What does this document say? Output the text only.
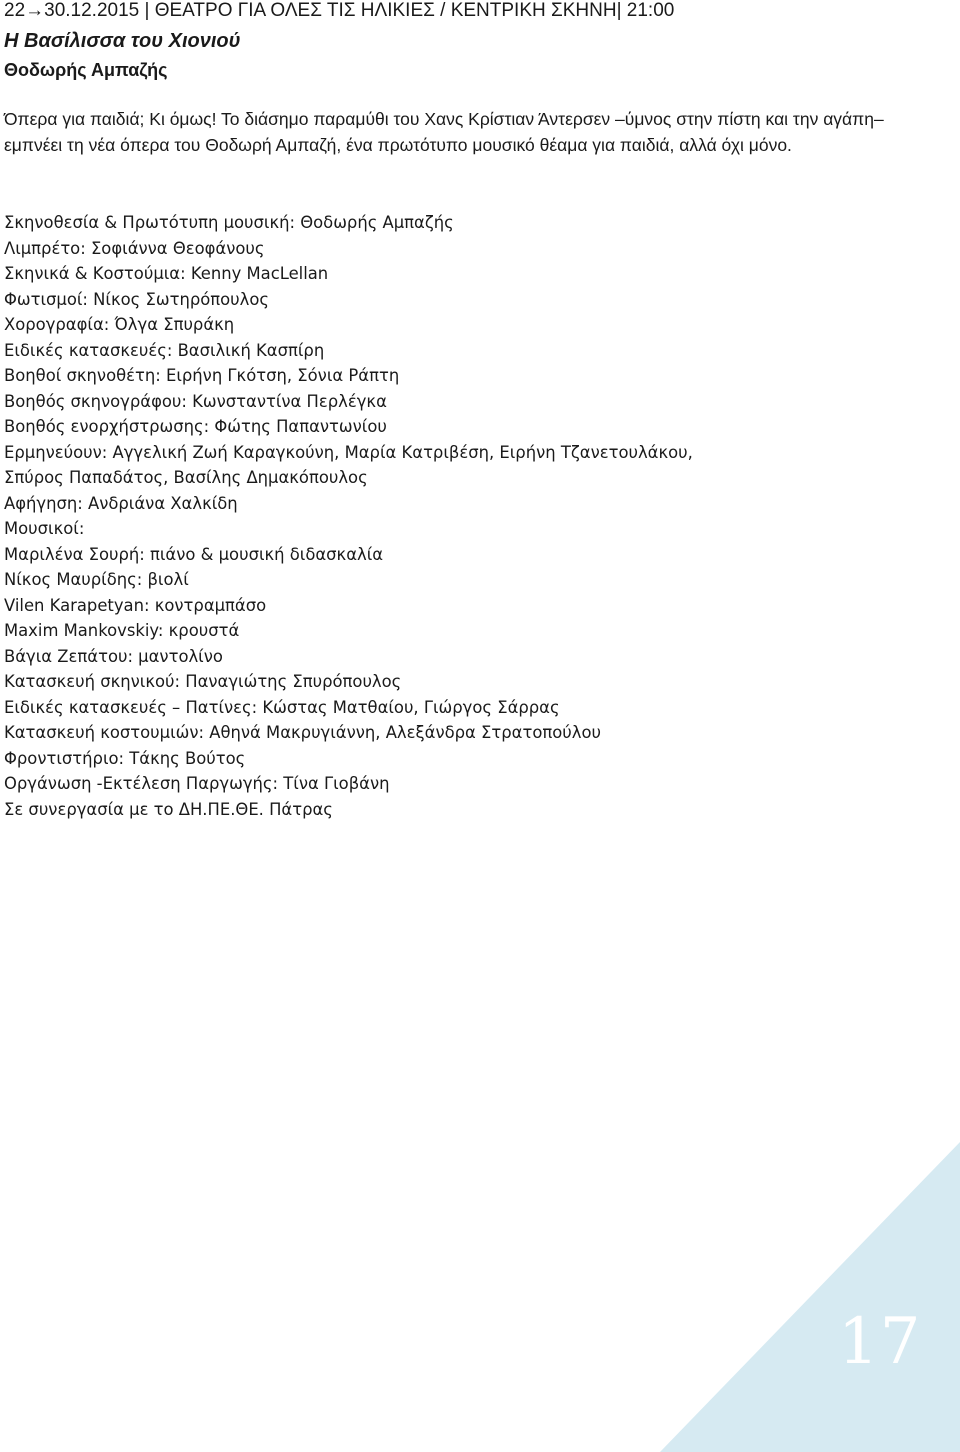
22→30.12.2015 | ΘΕΑΤΡΟ ΓΙΑ ΟΛΕΣ ΤΙΣ ΗΛΙΚΙΕΣ / ΚΕΝΤΡΙΚΗ ΣΚΗΝΗ| 21:00
Η Βασίλισσα του Χιονιού
Θοδωρής Αμπαζής

Όπερα για παιδιά; Κι όμως! Το διάσημο παραμύθι του Χανς Κρίστιαν Άντερσεν –ύμνος στην πίστη και την αγάπη– εμπνέει τη νέα όπερα του Θοδωρή Αμπαζή, ένα πρωτότυπο μουσικό θέαμα για παιδιά, αλλά όχι μόνο.

Σκηνοθεσία & Πρωτότυπη μουσική: Θοδωρής Αμπαζής
Λιμπρέτο: Σοφιάννα Θεοφάνους
Σκηνικά & Κοστούμια: Kenny MacLellan
Φωτισμοί: Νίκος Σωτηρόπουλος
Χορογραφία: Όλγα Σπυράκη
Ειδικές κατασκευές: Βασιλική Κασπίρη
Βοηθοί σκηνοθέτη: Ειρήνη Γκότση, Σόνια Ράπτη
Βοηθός σκηνογράφου: Κωνσταντίνα Περλέγκα
Βοηθός ενορχήστρωσης: Φώτης Παπαντωνίου
Ερμηνεύουν: Αγγελική Ζωή Καραγκούνη, Μαρία Κατριβέση, Ειρήνη Τζανετουλάκου,
Σπύρος Παπαδάτος, Βασίλης Δημακόπουλος
Αφήγηση: Ανδριάνα Χαλκίδη
Μουσικοί:
Μαριλένα Σουρή: πιάνο & μουσική διδασκαλία
Νίκος Μαυρίδης: βιολί
Vilen Karapetyan: κοντραμπάσο
Maxim Mankovskiy: κρουστά
Βάγια Ζεπάτου: μαντολίνο
Κατασκευή σκηνικού: Παναγιώτης Σπυρόπουλος
Ειδικές κατασκευές – Πατίνες: Κώστας Ματθαίου, Γιώργος Σάρρας
Κατασκευή κοστουμιών: Αθηνά Μακρυγιάννη, Αλεξάνδρα Στρατοπούλου
Φροντιστήριο: Τάκης Βούτος
Οργάνωση -Εκτέλεση Παργωγής: Τίνα Γιοβάνη
Σε συνεργασία με το ΔΗ.ΠΕ.ΘΕ. Πάτρας
17
